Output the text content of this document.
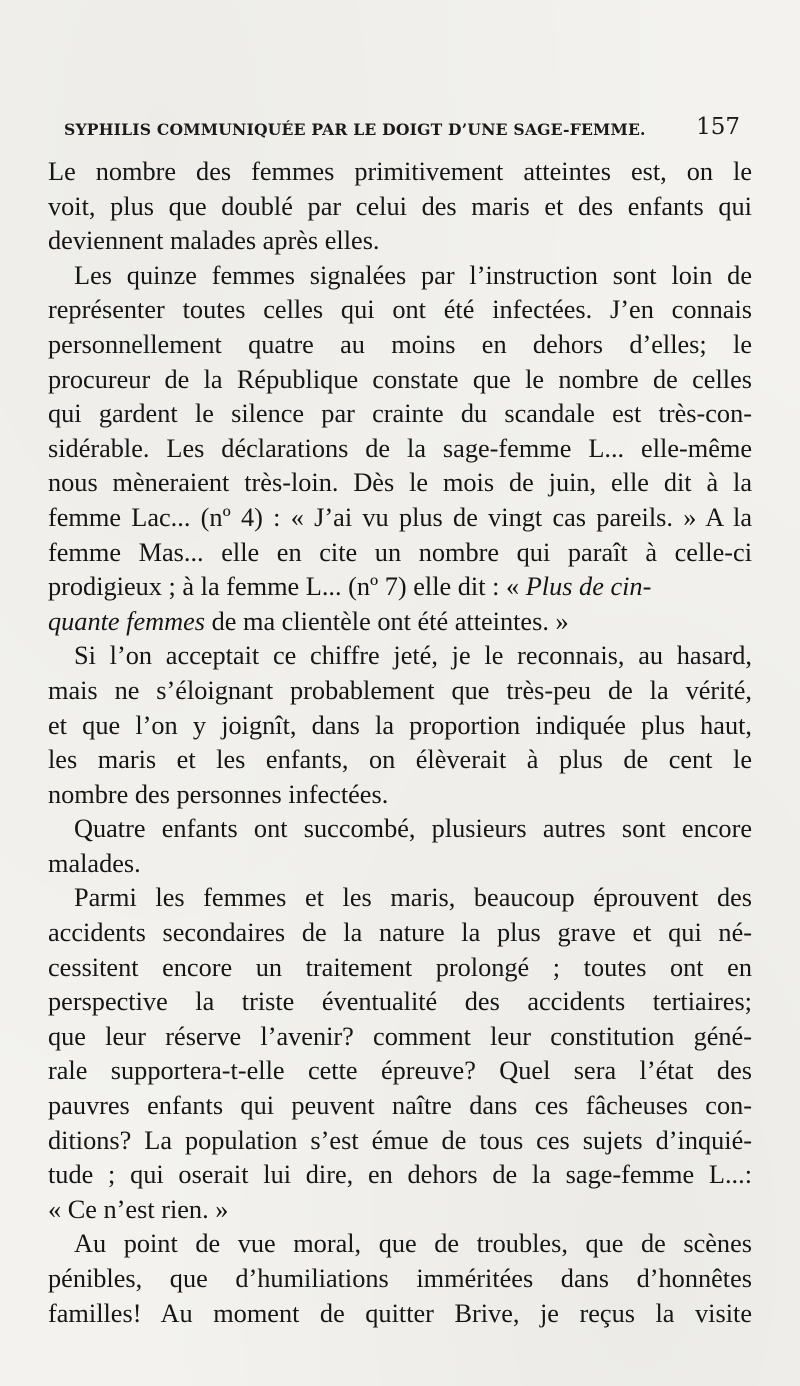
SYPHILIS COMMUNIQUÉE PAR LE DOIGT D’UNE SAGE-FEMME. 157
Le nombre des femmes primitivement atteintes est, on le
voit, plus que doublé par celui des maris et des enfants qui
deviennent malades après elles.
Les quinze femmes signalées par l’instruction sont loin de
représenter toutes celles qui ont été infectées. J’en connais
personnellement quatre au moins en dehors d’elles; le
procureur de la République constate que le nombre de celles
qui gardent le silence par crainte du scandale est très-con-
sidérable. Les déclarations de la sage-femme L... elle-même
nous mèneraient très-loin. Dès le mois de juin, elle dit à la
femme Lac... (nº 4) : « J’ai vu plus de vingt cas pareils. » A la
femme Mas... elle en cite un nombre qui paraît à celle-ci
prodigieux ; à la femme L... (nº 7) elle dit : « Plus de cin-
quante femmes de ma clientèle ont été atteintes. »
Si l’on acceptait ce chiffre jeté, je le reconnais, au hasard,
mais ne s’éloignant probablement que très-peu de la vérité,
et que l’on y joignît, dans la proportion indiquée plus haut,
les maris et les enfants, on élèverait à plus de cent le
nombre des personnes infectées.
Quatre enfants ont succombé, plusieurs autres sont encore
malades.
Parmi les femmes et les maris, beaucoup éprouvent des
accidents secondaires de la nature la plus grave et qui né-
cessitent encore un traitement prolongé ; toutes ont en
perspective la triste éventualité des accidents tertiaires;
que leur réserve l’avenir? comment leur constitution géné-
rale supportera-t-elle cette épreuve? Quel sera l’état des
pauvres enfants qui peuvent naître dans ces fâcheuses con-
ditions? La population s’est émue de tous ces sujets d’inquié-
tude ; qui oserait lui dire, en dehors de la sage-femme L...:
« Ce n’est rien. »
Au point de vue moral, que de troubles, que de scènes
pénibles, que d’humiliations imméritées dans d’honnêtes
familles! Au moment de quitter Brive, je reçus la visite
